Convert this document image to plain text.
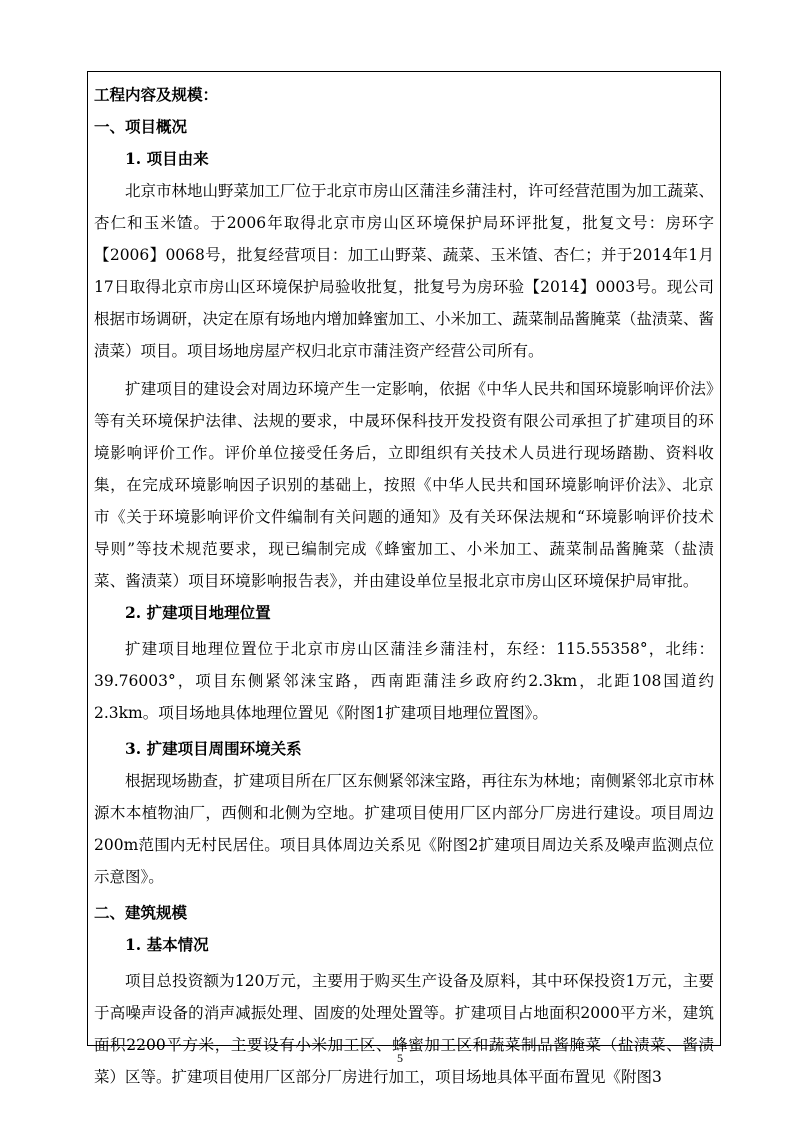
工程内容及规模：
一、项目概况
1. 项目由来

北京市林地山野菜加工厂位于北京市房山区蒲洼乡蒲洼村，许可经营范围为加工蔬菜、杏仁和玉米馇。于2006年取得北京市房山区环境保护局环评批复，批复文号：房环字【2006】0068号，批复经营项目：加工山野菜、蔬菜、玉米馇、杏仁；并于2014年1月17日取得北京市房山区环境保护局验收批复，批复号为房环验【2014】0003号。现公司根据市场调研，决定在原有场地内增加蜂蜜加工、小米加工、蔬菜制品酱腌菜（盐渍菜、酱渍菜）项目。项目场地房屋产权归北京市蒲洼资产经营公司所有。

扩建项目的建设会对周边环境产生一定影响，依据《中华人民共和国环境影响评价法》等有关环境保护法律、法规的要求，中晟环保科技开发投资有限公司承担了扩建项目的环境影响评价工作。评价单位接受任务后，立即组织有关技术人员进行现场踏勘、资料收集，在完成环境影响因子识别的基础上，按照《中华人民共和国环境影响评价法》、北京市《关于环境影响评价文件编制有关问题的通知》及有关环保法规和“环境影响评价技术导则”等技术规范要求，现已编制完成《蜂蜜加工、小米加工、蔬菜制品酱腌菜（盐渍菜、酱渍菜）项目环境影响报告表》，并由建设单位呈报北京市房山区环境保护局审批。

2. 扩建项目地理位置

扩建项目地理位置位于北京市房山区蒲洼乡蒲洼村，东经：115.55358°，北纬：39.76003°，项目东侧紧邻涞宝路，西南距蒲洼乡政府约2.3km，北距108国道约2.3km。项目场地具体地理位置见《附图1扩建项目地理位置图》。

3. 扩建项目周围环境关系

根据现场勘查，扩建项目所在厂区东侧紧邻涞宝路，再往东为林地；南侧紧邻北京市林源木本植物油厂，西侧和北侧为空地。扩建项目使用厂区内部分厂房进行建设。项目周边200m范围内无村民居住。项目具体周边关系见《附图2扩建项目周边关系及噪声监测点位示意图》。

二、建筑规模
1. 基本情况

项目总投资额为120万元，主要用于购买生产设备及原料，其中环保投资1万元，主要于高噪声设备的消声减振处理、固废的处理处置等。扩建项目占地面积2000平方米，建筑面积2200平方米，主要设有小米加工区、蜂蜜加工区和蔬菜制品酱腌菜（盐渍菜、酱渍菜）区等。扩建项目使用厂区部分厂房进行加工，项目场地具体平面布置见《附图3

5
